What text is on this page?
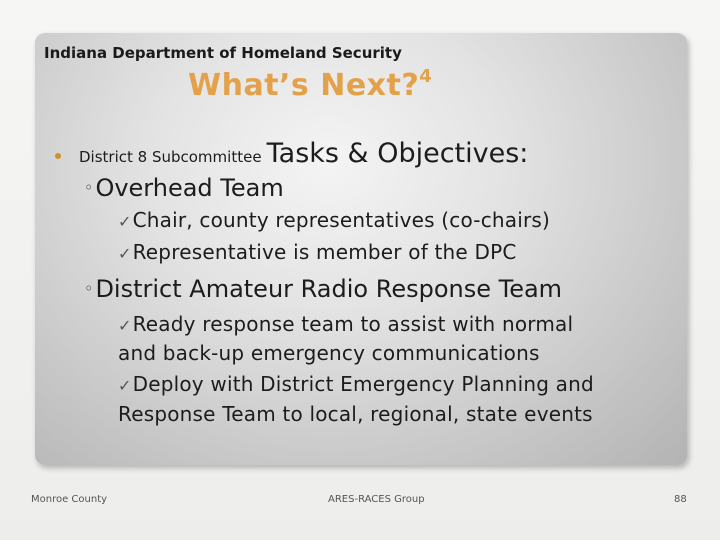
Indiana Department of Homeland Security
What’s Next?$^4$
District 8 Subcommittee Tasks & Objectives:
◦Overhead Team
✓Chair, county representatives (co-chairs)
✓Representative is member of the DPC
◦District Amateur Radio Response Team
✓Ready response team to assist with normal
and back-up emergency communications
✓Deploy with District Emergency Planning and
Response Team to local, regional, state events
Monroe County	ARES-RACES Group	88
